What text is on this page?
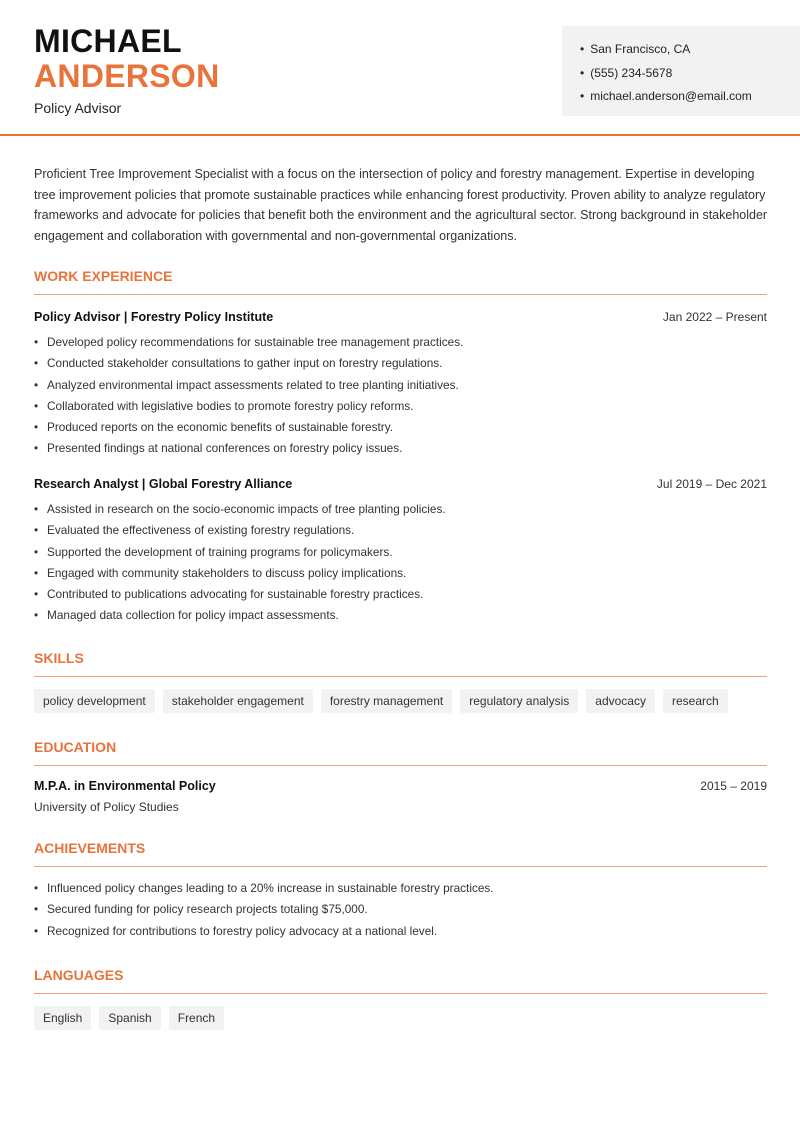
MICHAEL
ANDERSON
Policy Advisor
• San Francisco, CA
• (555) 234-5678
• michael.anderson@email.com
Proficient Tree Improvement Specialist with a focus on the intersection of policy and forestry management. Expertise in developing tree improvement policies that promote sustainable practices while enhancing forest productivity. Proven ability to analyze regulatory frameworks and advocate for policies that benefit both the environment and the agricultural sector. Strong background in stakeholder engagement and collaboration with governmental and non-governmental organizations.
WORK EXPERIENCE
Policy Advisor | Forestry Policy Institute	Jan 2022 – Present
• Developed policy recommendations for sustainable tree management practices.
• Conducted stakeholder consultations to gather input on forestry regulations.
• Analyzed environmental impact assessments related to tree planting initiatives.
• Collaborated with legislative bodies to promote forestry policy reforms.
• Produced reports on the economic benefits of sustainable forestry.
• Presented findings at national conferences on forestry policy issues.
Research Analyst | Global Forestry Alliance	Jul 2019 – Dec 2021
• Assisted in research on the socio-economic impacts of tree planting policies.
• Evaluated the effectiveness of existing forestry regulations.
• Supported the development of training programs for policymakers.
• Engaged with community stakeholders to discuss policy implications.
• Contributed to publications advocating for sustainable forestry practices.
• Managed data collection for policy impact assessments.
SKILLS
policy development	stakeholder engagement	forestry management	regulatory analysis	advocacy	research
EDUCATION
M.P.A. in Environmental Policy	2015 – 2019
University of Policy Studies
ACHIEVEMENTS
• Influenced policy changes leading to a 20% increase in sustainable forestry practices.
• Secured funding for policy research projects totaling $75,000.
• Recognized for contributions to forestry policy advocacy at a national level.
LANGUAGES
English	Spanish	French
